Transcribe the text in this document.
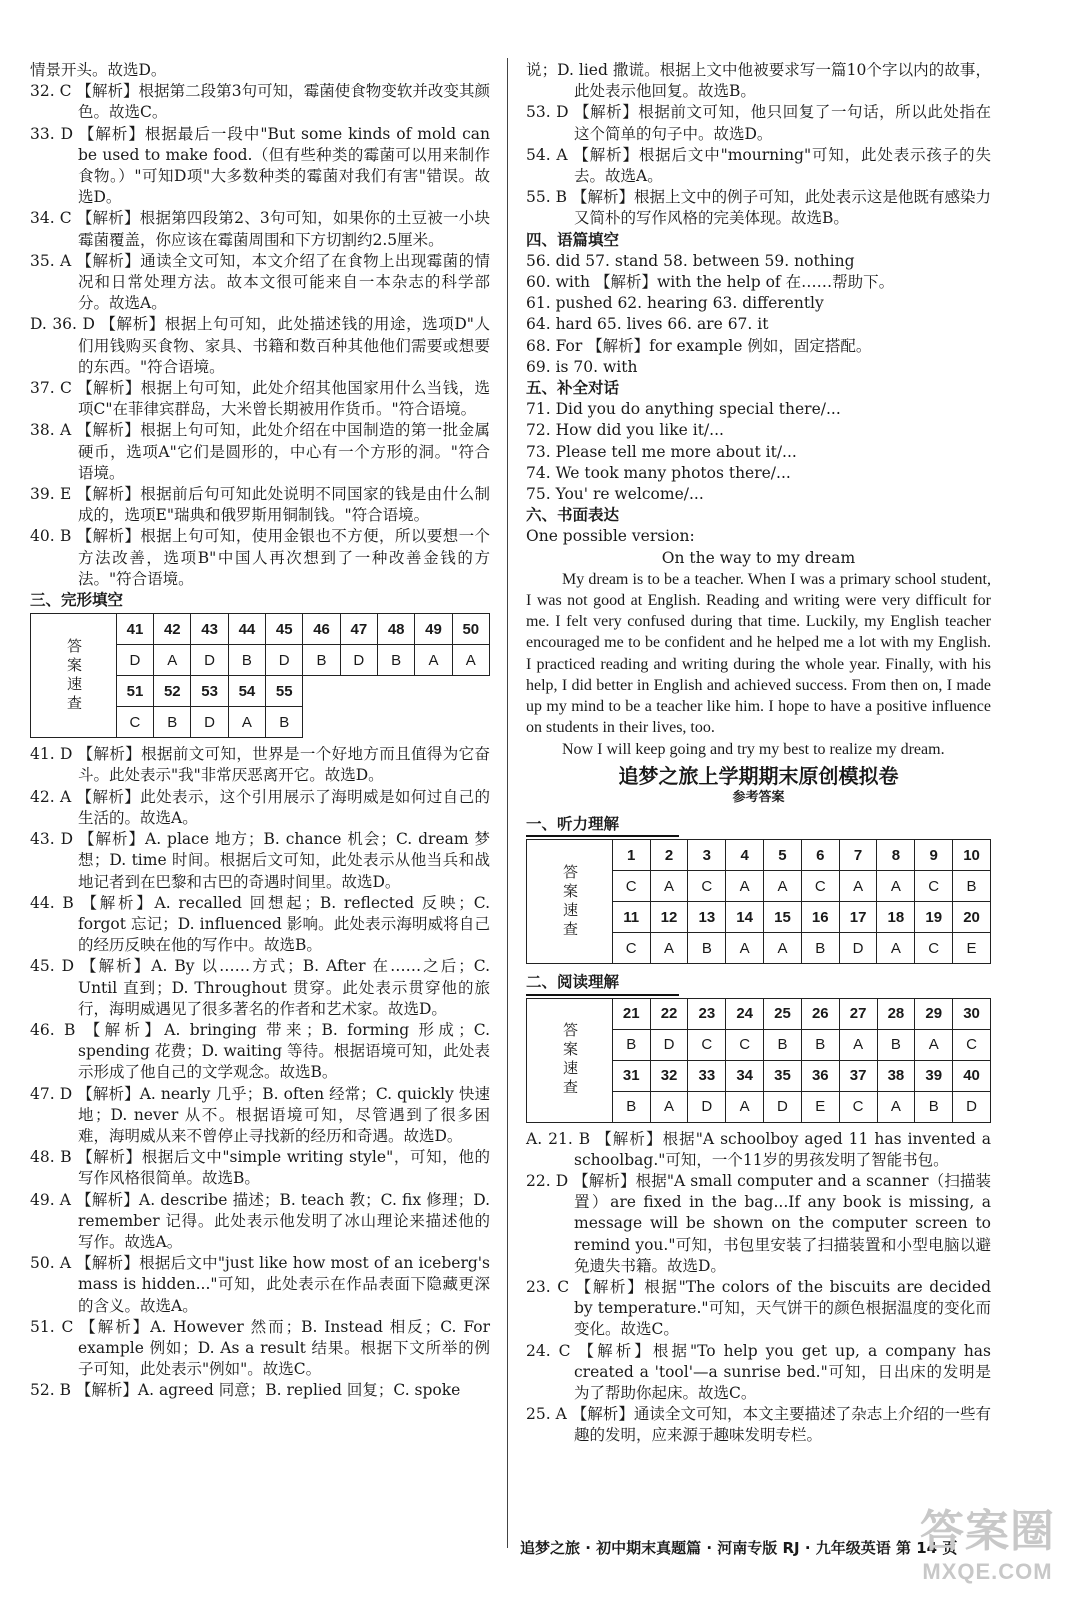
情景开头。故选D。

32. C 【解析】根据第二段第3句可知，霉菌使食物变软并改变其颜色。故选C。

33. D 【解析】根据最后一段中"But some kinds of mold can be used to make food.（但有些种类的霉菌可以用来制作食物。）"可知D项"大多数种类的霉菌对我们有害"错误。故选D。

34. C 【解析】根据第四段第2、3句可知，如果你的土豆被一小块霉菌覆盖，你应该在霉菌周围和下方切割约2.5厘米。

35. A 【解析】通读全文可知，本文介绍了在食物上出现霉菌的情况和日常处理方法。故本文很可能来自一本杂志的科学部分。故选A。

D. 36. D 【解析】根据上句可知，此处描述钱的用途，选项D"人们用钱购买食物、家具、书籍和数百种其他他们需要或想要的东西。"符合语境。

37. C 【解析】根据上句可知，此处介绍其他国家用什么当钱，选项C"在菲律宾群岛，大米曾长期被用作货币。"符合语境。

38. A 【解析】根据上句可知，此处介绍在中国制造的第一批金属硬币，选项A"它们是圆形的，中心有一个方形的洞。"符合语境。

39. E 【解析】根据前后句可知此处说明不同国家的钱是由什么制成的，选项E"瑞典和俄罗斯用铜制钱。"符合语境。

40. B 【解析】根据上句可知，使用金银也不方便，所以要想一个方法改善，选项B"中国人再次想到了一种改善金钱的方法。"符合语境。

三、完形填空

答案速查	41	42	43	44	45	46	47	48	49	50
	D	A	D	B	D	B	D	B	A	A
	51	52	53	54	55					
	C	B	D	A	B					

41. D 【解析】根据前文可知，世界是一个好地方而且值得为它奋斗。此处表示"我"非常厌恶离开它。故选D。

42. A 【解析】此处表示，这个引用展示了海明威是如何过自己的生活的。故选A。

43. D 【解析】A. place 地方；B. chance 机会；C. dream 梦想；D. time 时间。根据后文可知，此处表示从他当兵和战地记者到在巴黎和古巴的奇遇时间里。故选D。

44. B 【解析】A. recalled 回想起；B. reflected 反映；C. forgot 忘记；D. influenced 影响。此处表示海明威将自己的经历反映在他的写作中。故选B。

45. D 【解析】A. By 以……方式；B. After 在……之后；C. Until 直到；D. Throughout 贯穿。此处表示贯穿他的旅行，海明威遇见了很多著名的作者和艺术家。故选D。

46. B 【解析】A. bringing 带来；B. forming 形成；C. spending 花费；D. waiting 等待。根据语境可知，此处表示形成了他自己的文学观念。故选B。

47. D 【解析】A. nearly 几乎；B. often 经常；C. quickly 快速地；D. never 从不。根据语境可知，尽管遇到了很多困难，海明威从来不曾停止寻找新的经历和奇遇。故选D。

48. B 【解析】根据后文中"simple writing style"，可知，他的写作风格很简单。故选B。

49. A 【解析】A. describe 描述；B. teach 教；C. fix 修理；D. remember 记得。此处表示他发明了冰山理论来描述他的写作。故选A。

50. A 【解析】根据后文中"just like how most of an iceberg's mass is hidden..."可知，此处表示在作品表面下隐藏更深的含义。故选A。

51. C 【解析】A. However 然而；B. Instead 相反；C. For example 例如；D. As a result 结果。根据下文所举的例子可知，此处表示"例如"。故选C。

52. B 【解析】A. agreed 同意；B. replied 回复；C. spoke

说；D. lied 撒谎。根据上文中他被要求写一篇10个字以内的故事，此处表示他回复。故选B。

53. D 【解析】根据前文可知，他只回复了一句话，所以此处指在这个简单的句子中。故选D。

54. A 【解析】根据后文中"mourning"可知，此处表示孩子的失去。故选A。

55. B 【解析】根据上文中的例子可知，此处表示这是他既有感染力又简朴的写作风格的完美体现。故选B。

四、语篇填空

56. did 57. stand 58. between 59. nothing

60. with 【解析】with the help of 在……帮助下。

61. pushed 62. hearing 63. differently

64. hard 65. lives 66. are 67. it

68. For 【解析】for example 例如，固定搭配。

69. is 70. with

五、补全对话

71. Did you do anything special there/...

72. How did you like it/...

73. Please tell me more about it/...

74. We took many photos there/...

75. You' re welcome/...

六、书面表达

One possible version:

On the way to my dream

My dream is to be a teacher. When I was a primary school student, I was not good at English. Reading and writing were very difficult for me. I felt very confused during that time. Luckily, my English teacher encouraged me to be confident and he helped me a lot with my English. I practiced reading and writing during the whole year. Finally, with his help, I did better in English and achieved success. From then on, I made up my mind to be a teacher like him. I hope to have a positive influence on students in their lives, too.

Now I will keep going and try my best to realize my dream.

追梦之旅上学期期末原创模拟卷

参考答案

一、听力理解

答案速查	1	2	3	4	5	6	7	8	9	10
	C	A	C	A	A	C	A	A	C	B
	11	12	13	14	15	16	17	18	19	20
	C	A	B	A	A	B	D	A	C	E

二、阅读理解

答案速查	21	22	23	24	25	26	27	28	29	30
	B	D	C	C	B	B	A	B	A	C
	31	32	33	34	35	36	37	38	39	40
	B	A	D	A	D	E	C	A	B	D

A. 21. B 【解析】根据"A schoolboy aged 11 has invented a schoolbag."可知，一个11岁的男孩发明了智能书包。

22. D 【解析】根据"A small computer and a scanner（扫描装置）are fixed in the bag...If any book is missing, a message will be shown on the computer screen to remind you."可知，书包里安装了扫描装置和小型电脑以避免遗失书籍。故选D。

23. C 【解析】根据"The colors of the biscuits are decided by temperature."可知，天气饼干的颜色根据温度的变化而变化。故选C。

24. C 【解析】根据"To help you get up, a company has created a 'tool'—a sunrise bed."可知，日出床的发明是为了帮助你起床。故选C。

25. A 【解析】通读全文可知，本文主要描述了杂志上介绍的一些有趣的发明，应来源于趣味发明专栏。

追梦之旅 · 初中期末真题篇 · 河南专版 RJ · 九年级英语 第 14 页
答案圈
MXQE.COM
